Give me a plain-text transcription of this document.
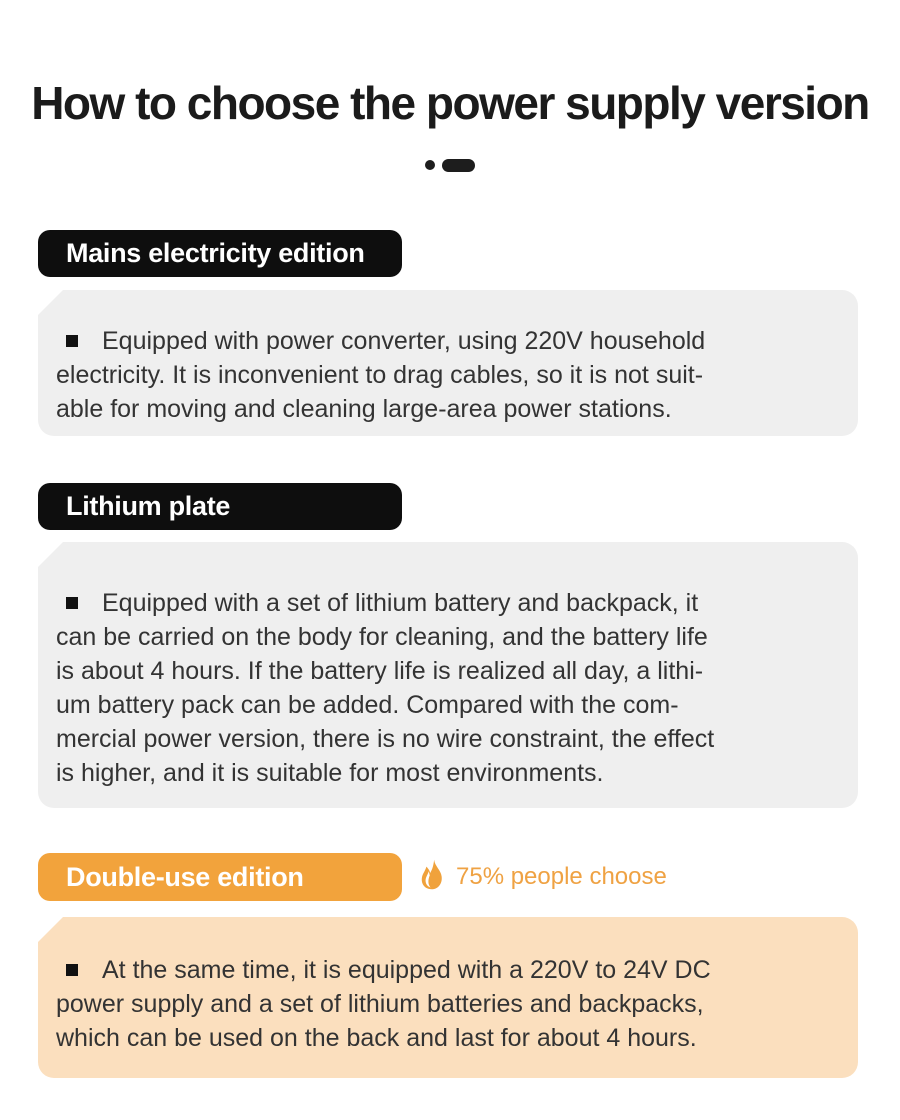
How to choose the power supply version
Mains electricity edition
Equipped with power converter, using 220V household
electricity. It is inconvenient to drag cables, so it is not suit-
able for moving and cleaning large-area power stations.
Lithium plate
Equipped with a set of lithium battery and backpack, it
can be carried on the body for cleaning, and the battery life
is about 4 hours. If the battery life is realized all day, a lithi-
um battery pack can be added. Compared with the com-
mercial power version, there is no wire constraint, the effect
is higher, and it is suitable for most environments.
Double-use edition	75% people choose
At the same time, it is equipped with a 220V to 24V DC
power supply and a set of lithium batteries and backpacks,
which can be used on the back and last for about 4 hours.
